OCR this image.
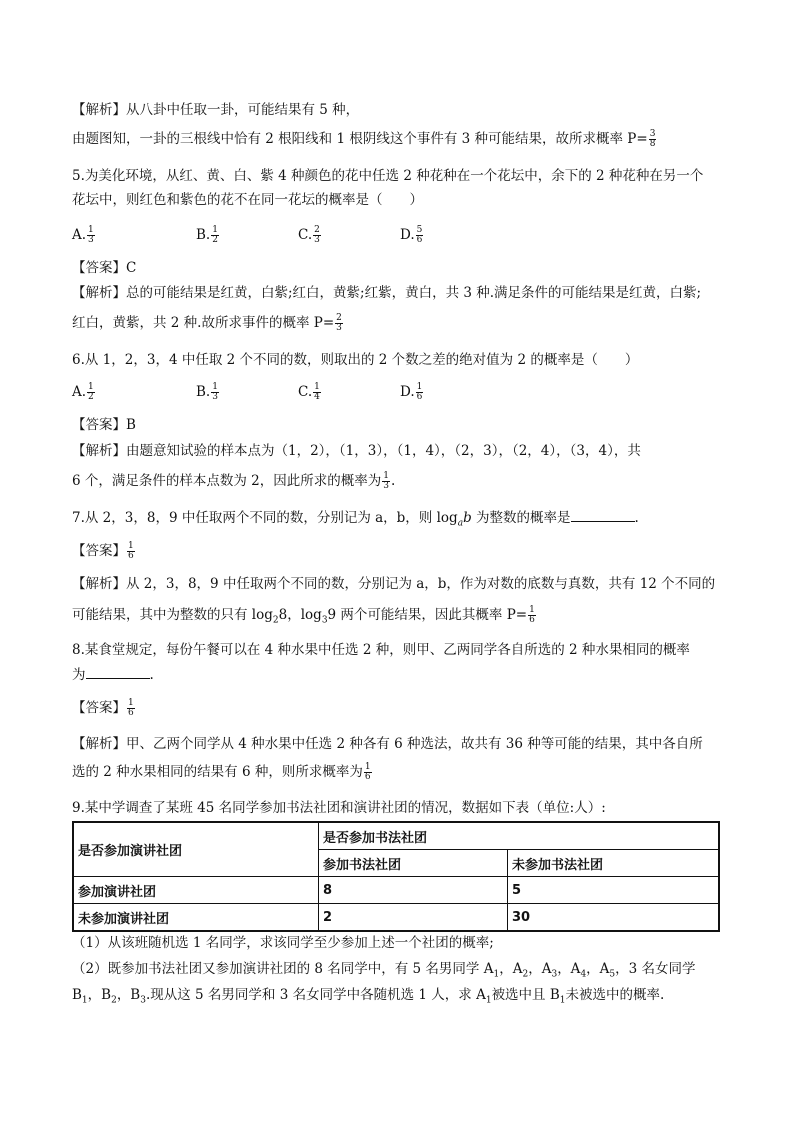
【解析】从八卦中任取一卦，可能结果有 5 种，
由题图知，一卦的三根线中恰有 2 根阳线和 1 根阴线这个事件有 3 种可能结果，故所求概率 $P= \frac{3}{8}$
5.为美化环境，从红、黄、白、紫 4 种颜色的花中任选 2 种花种在一个花坛中，余下的 2 种花种在另一个
花坛中，则红色和紫色的花不在同一花坛的概率是（　　）
A. $\frac{1}{3}$	B. $\frac{1}{2}$	C. $\frac{2}{3}$	D. $\frac{5}{6}$
【答案】C
【解析】总的可能结果是红黄，白紫;红白，黄紫;红紫，黄白，共 3 种.满足条件的可能结果是红黄，白紫;
红白，黄紫，共 2 种.故所求事件的概率 $P= \frac{2}{3}$
6.从 1，2，3，4 中任取 2 个不同的数，则取出的 2 个数之差的绝对值为 2 的概率是（　　）
A. $\frac{1}{2}$	B. $\frac{1}{3}$	C. $\frac{1}{4}$	D. $\frac{1}{6}$
【答案】B
【解析】由题意知试验的样本点为（1，2），（1，3），（1，4），（2，3），（2，4），（3，4），共
6 个，满足条件的样本点数为 2，因此所求的概率为 $\frac{1}{3}$ .
7.从 2，3，8，9 中任取两个不同的数，分别记为 a，b，则 $\log_ab$ 为整数的概率是	.
【答案】 $\frac{1}{6}$
【解析】从 2，3，8，9 中任取两个不同的数，分别记为 a，b，作为对数的底数与真数，共有 12 个不同的
可能结果，其中为整数的只有 $\log_28$，$\log_39$ 两个可能结果，因此其概率 $P= \frac{1}{6}$
8.某食堂规定，每份午餐可以在 4 种水果中任选 2 种，则甲、乙两同学各自所选的 2 种水果相同的概率
为	.
【答案】 $\frac{1}{6}$
【解析】甲、乙两个同学从 4 种水果中任选 2 种各有 6 种选法，故共有 36 种等可能的结果，其中各自所
选的 2 种水果相同的结果有 6 种，则所求概率为 $\frac{1}{6}$
9.某中学调查了某班 45 名同学参加书法社团和演讲社团的情况，数据如下表（单位:人）:
是否参加演讲社团	是否参加书法社团	
	参加书法社团	未参加书法社团
参加演讲社团	8	5
未参加演讲社团	2	30
（1）从该班随机选 1 名同学，求该同学至少参加上述一个社团的概率;
（2）既参加书法社团又参加演讲社团的 8 名同学中，有 5 名男同学 $A_1$，$A_2$，$A_3$，$A_4$，$A_5$，3 名女同学
$B_1$，$B_2$，$B_3$.现从这 5 名男同学和 3 名女同学中各随机选 1 人，求 $A_1$被选中且 $B_1$未被选中的概率.
